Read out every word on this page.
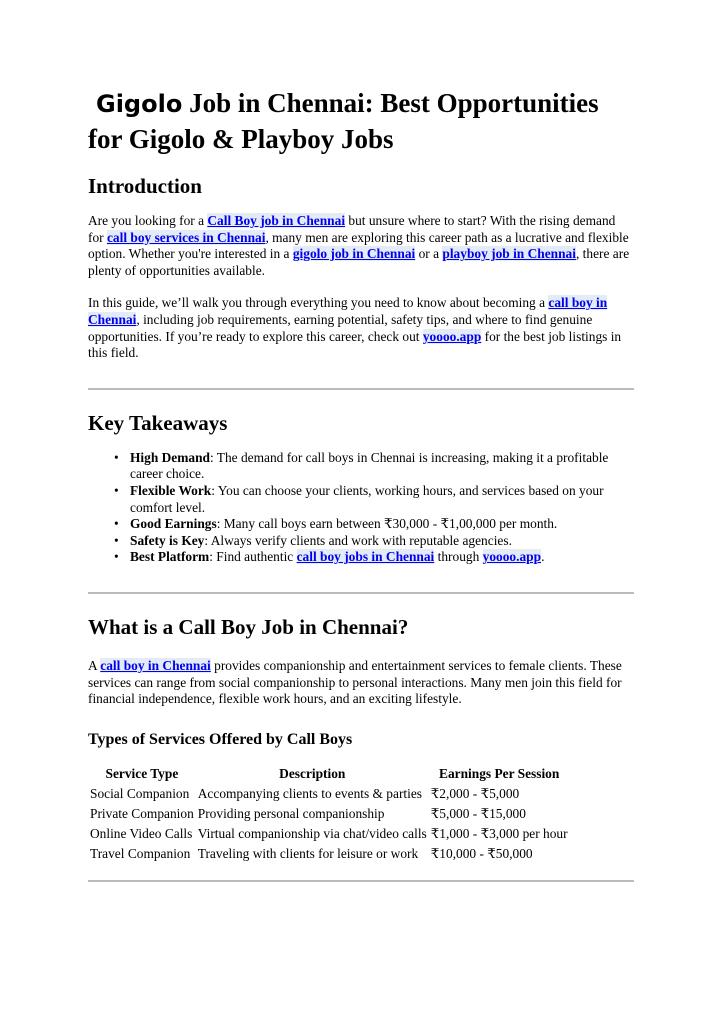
Gigolo Job in Chennai: Best Opportunities
for Gigolo & Playboy Jobs
Introduction

Are you looking for a Call Boy job in Chennai but unsure where to start? With the rising demand for call boy services in Chennai, many men are exploring this career path as a lucrative and flexible option. Whether you're interested in a gigolo job in Chennai or a playboy job in Chennai, there are plenty of opportunities available.

In this guide, we’ll walk you through everything you need to know about becoming a call boy in Chennai, including job requirements, earning potential, safety tips, and where to find genuine opportunities. If you’re ready to explore this career, check out yoooo.app for the best job listings in this field.

Key Takeaways
• High Demand: The demand for call boys in Chennai is increasing, making it a profitable career choice.
• Flexible Work: You can choose your clients, working hours, and services based on your comfort level.
• Good Earnings: Many call boys earn between ₹30,000 - ₹1,00,000 per month.
• Safety is Key: Always verify clients and work with reputable agencies.
• Best Platform: Find authentic call boy jobs in Chennai through yoooo.app.
What is a Call Boy Job in Chennai?

A call boy in Chennai provides companionship and entertainment services to female clients. These services can range from social companionship to personal interactions. Many men join this field for financial independence, flexible work hours, and an exciting lifestyle.

Types of Services Offered by Call Boys
Service Type	Description	Earnings Per Session
Social Companion	Accompanying clients to events & parties	₹2,000 - ₹5,000
Private Companion	Providing personal companionship	₹5,000 - ₹15,000
Online Video Calls	Virtual companionship via chat/video calls	₹1,000 - ₹3,000 per hour
Travel Companion	Traveling with clients for leisure or work	₹10,000 - ₹50,000
